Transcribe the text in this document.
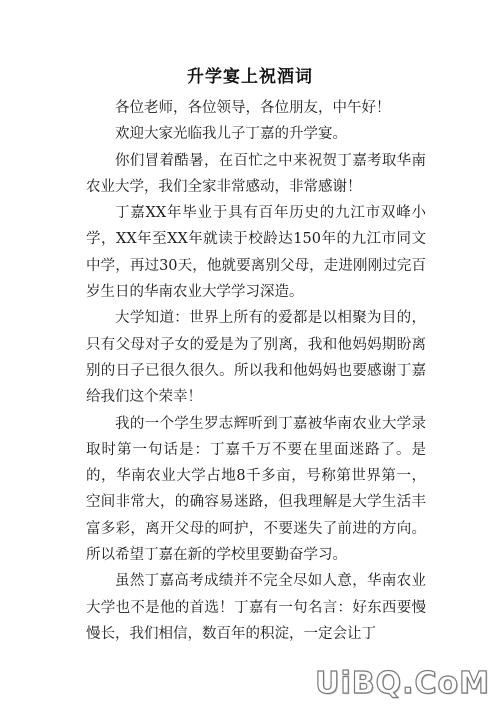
升学宴上祝酒词

各位老师，各位领导，各位朋友，中午好！

欢迎大家光临我儿子丁嘉的升学宴。

你们冒着酷暑，在百忙之中来祝贺丁嘉考取华南农业大学，我们全家非常感动，非常感谢！

丁嘉XX年毕业于具有百年历史的九江市双峰小学，XX年至XX年就读于校龄达150年的九江市同文中学，再过30天，他就要离别父母，走进刚刚过完百岁生日的华南农业大学学习深造。

大学知道：世界上所有的爱都是以相聚为目的，只有父母对子女的爱是为了别离，我和他妈妈期盼离别的日子已很久很久。所以我和他妈妈也要感谢丁嘉给我们这个荣幸！

我的一个学生罗志辉听到丁嘉被华南农业大学录取时第一句话是：丁嘉千万不要在里面迷路了。是的，华南农业大学占地8千多亩，号称第世界第一，空间非常大，的确容易迷路，但我理解是大学生活丰富多彩，离开父母的呵护，不要迷失了前进的方向。所以希望丁嘉在新的学校里要勤奋学习。

虽然丁嘉高考成绩并不完全尽如人意，华南农业大学也不是他的首选！丁嘉有一句名言：好东西要慢慢长，我们相信，数百年的积淀，一定会让丁

UiBQ.CoM
